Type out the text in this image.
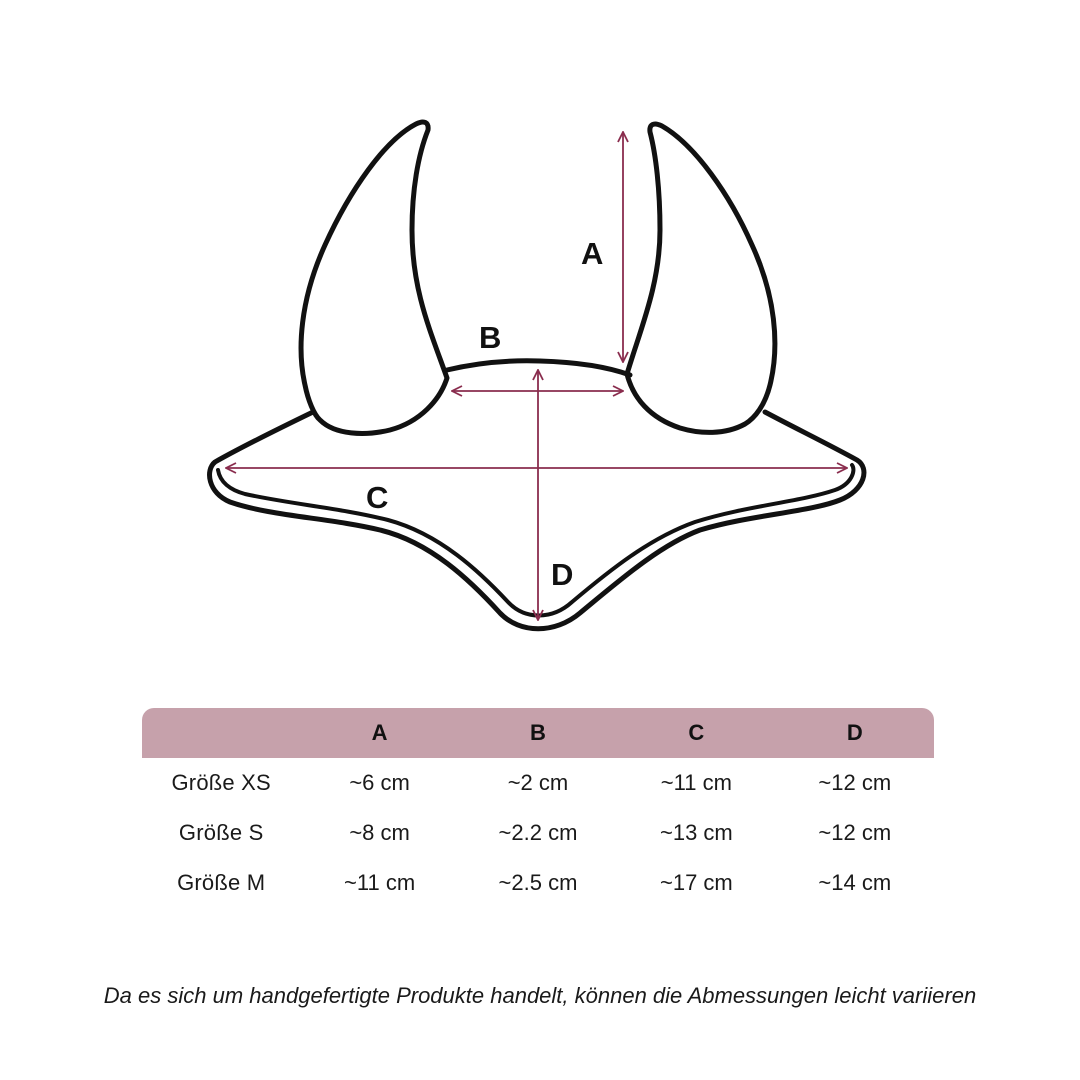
A
B
C
D
	A	B	C	D
Größe XS	~6 cm	~2 cm	~11 cm	~12 cm
Größe S	~8 cm	~2.2 cm	~13 cm	~12 cm
Größe M	~11 cm	~2.5 cm	~17 cm	~14 cm
Da es sich um handgefertigte Produkte handelt, können die Abmessungen leicht variieren
